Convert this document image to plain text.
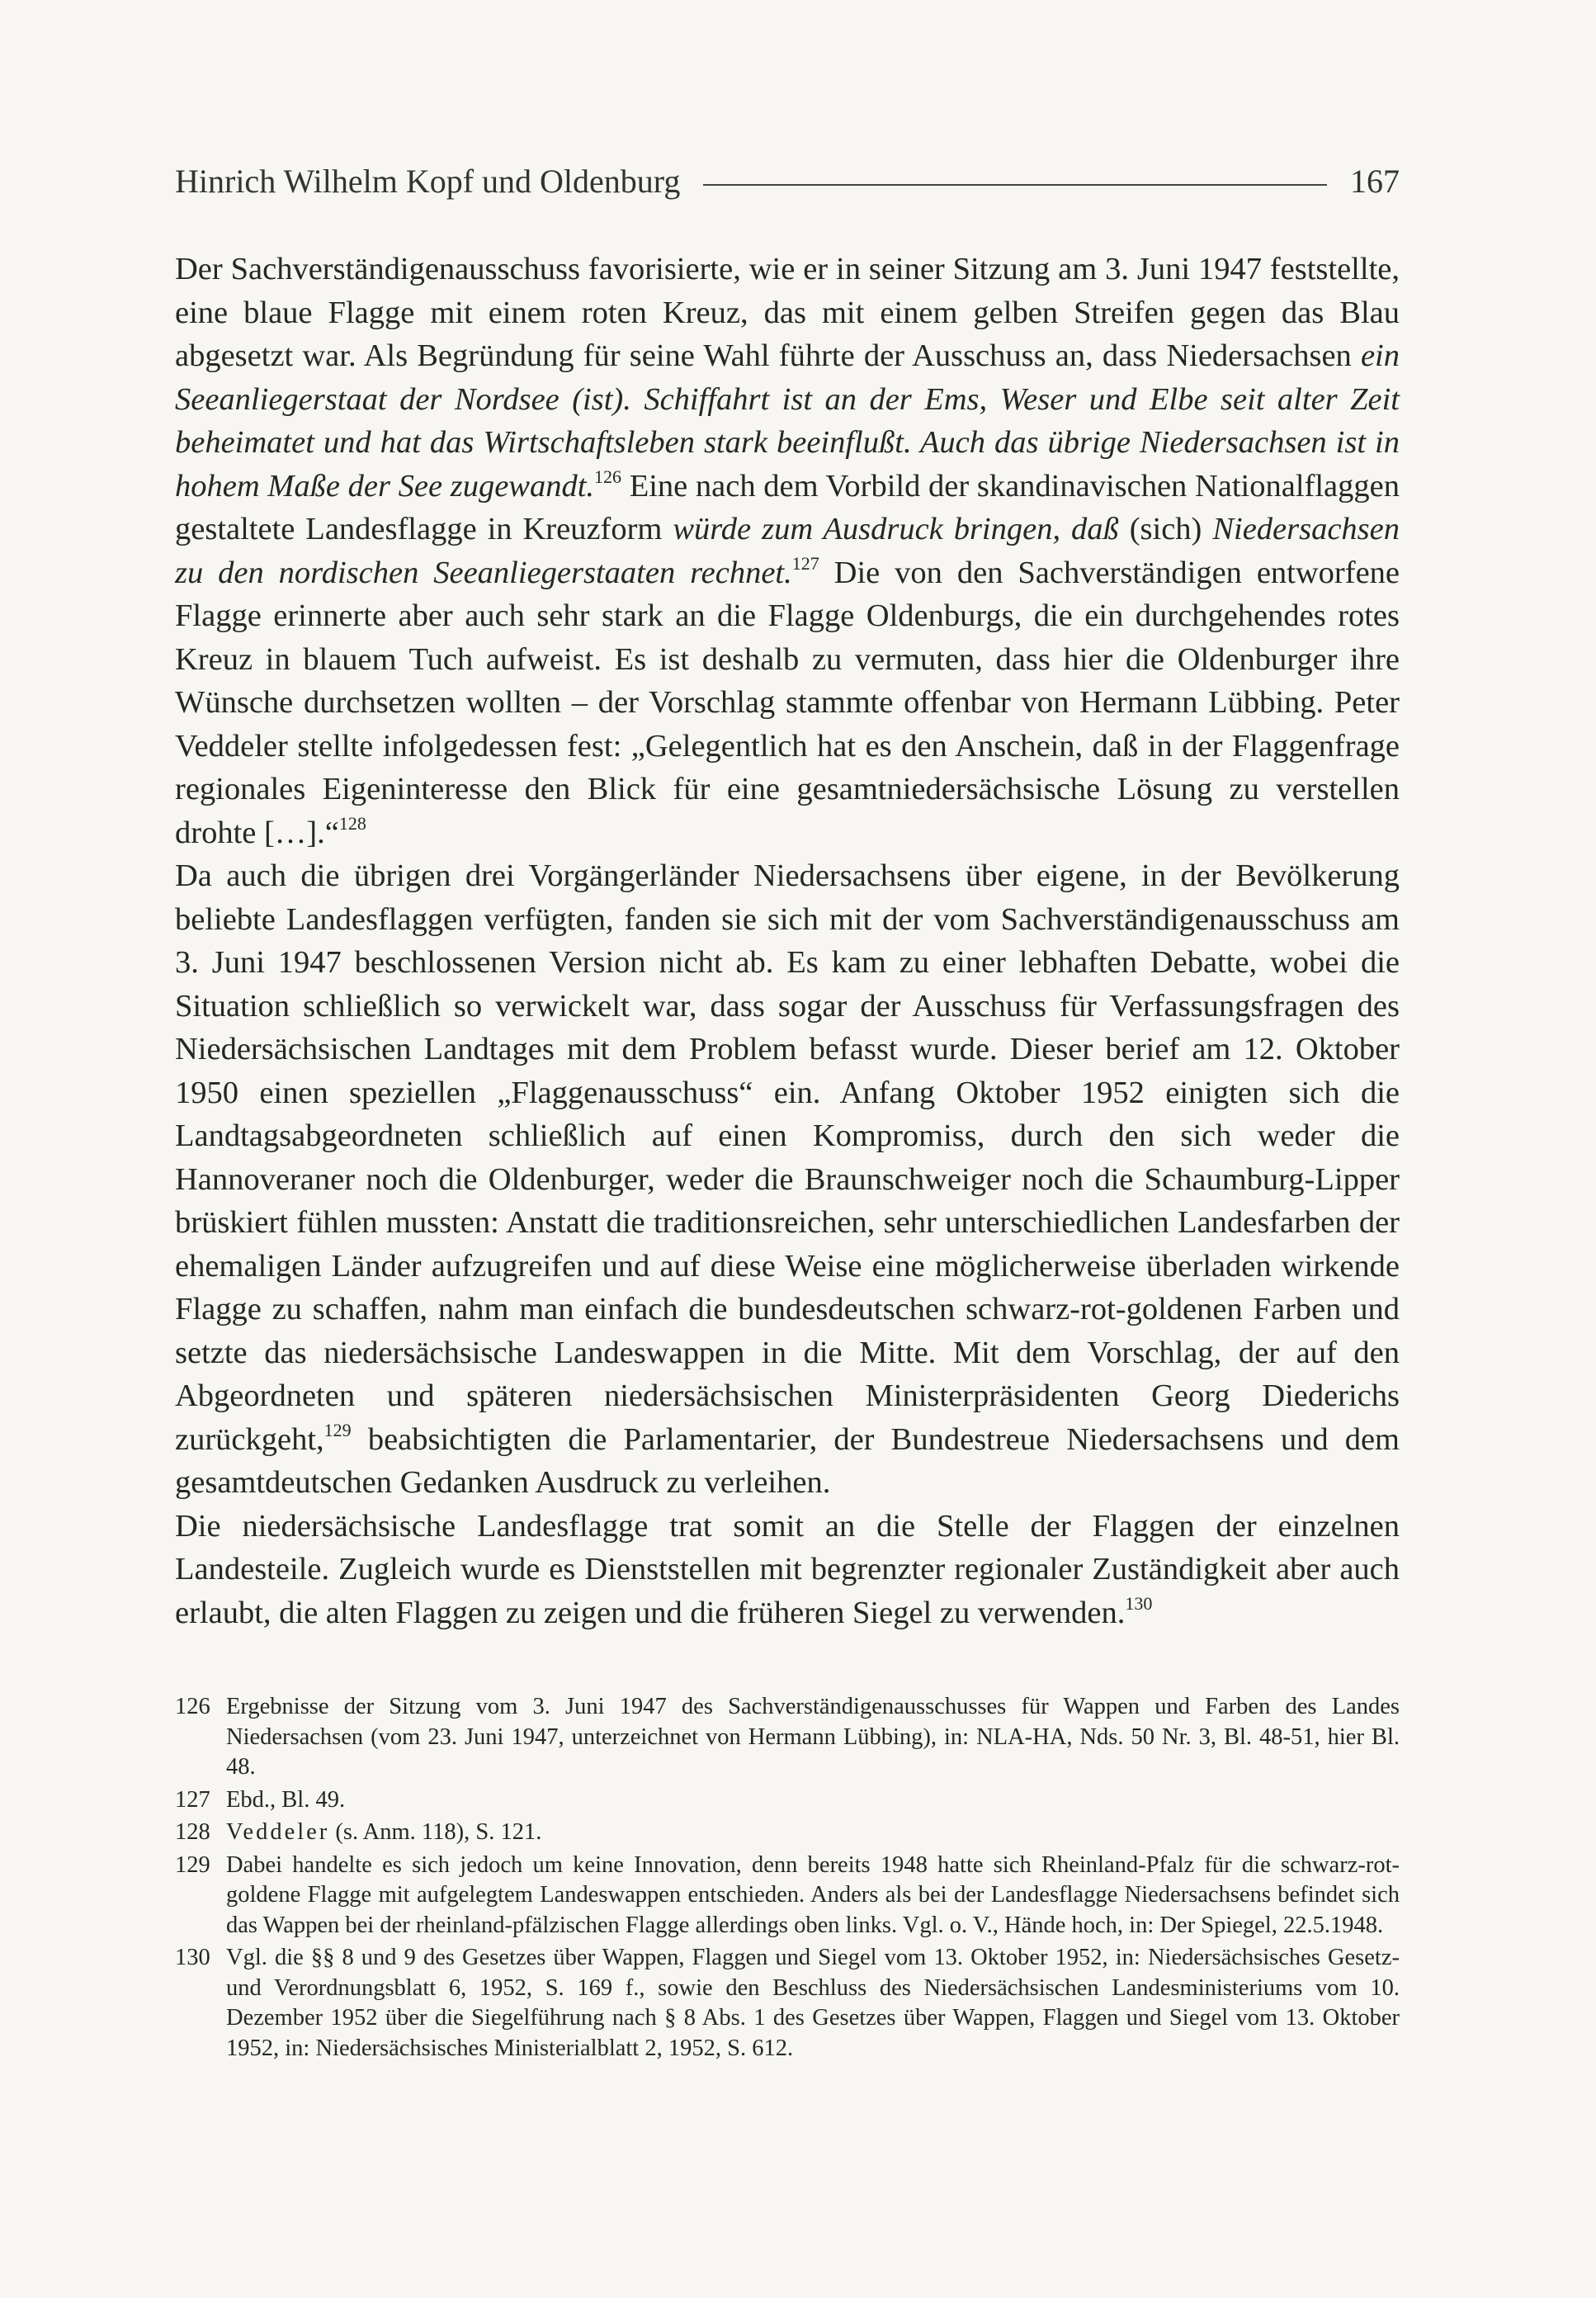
Hinrich Wilhelm Kopf und Oldenburg	167

Der Sachverständigenausschuss favorisierte, wie er in seiner Sitzung am 3. Juni 1947 feststellte, eine blaue Flagge mit einem roten Kreuz, das mit einem gelben Streifen gegen das Blau abgesetzt war. Als Begründung für seine Wahl führte der Ausschuss an, dass Niedersachsen ein Seeanliegerstaat der Nordsee (ist). Schiffahrt ist an der Ems, Weser und Elbe seit alter Zeit beheimatet und hat das Wirtschaftsleben stark beeinflußt. Auch das übrige Niedersachsen ist in hohem Maße der See zugewandt.$^{126}$ Eine nach dem Vorbild der skandinavischen Nationalflaggen gestaltete Landesflagge in Kreuzform würde zum Ausdruck bringen, daß (sich) Niedersachsen zu den nordischen Seeanliegerstaaten rechnet.$^{127}$ Die von den Sachverständigen entworfene Flagge erinnerte aber auch sehr stark an die Flagge Oldenburgs, die ein durchgehendes rotes Kreuz in blauem Tuch aufweist. Es ist deshalb zu vermuten, dass hier die Oldenburger ihre Wünsche durchsetzen wollten – der Vorschlag stammte offenbar von Hermann Lübbing. Peter Veddeler stellte infolgedessen fest: „Gelegentlich hat es den Anschein, daß in der Flaggenfrage regionales Eigeninteresse den Blick für eine gesamtniedersächsische Lösung zu verstellen drohte […].“$^{128}$

Da auch die übrigen drei Vorgängerländer Niedersachsens über eigene, in der Bevölkerung beliebte Landesflaggen verfügten, fanden sie sich mit der vom Sachverständigenausschuss am 3. Juni 1947 beschlossenen Version nicht ab. Es kam zu einer lebhaften Debatte, wobei die Situation schließlich so verwickelt war, dass sogar der Ausschuss für Verfassungsfragen des Niedersächsischen Landtages mit dem Problem befasst wurde. Dieser berief am 12. Oktober 1950 einen speziellen „Flaggenausschuss“ ein. Anfang Oktober 1952 einigten sich die Landtagsabgeordneten schließlich auf einen Kompromiss, durch den sich weder die Hannoveraner noch die Oldenburger, weder die Braunschweiger noch die Schaumburg-Lipper brüskiert fühlen mussten: Anstatt die traditionsreichen, sehr unterschiedlichen Landesfarben der ehemaligen Länder aufzugreifen und auf diese Weise eine möglicherweise überladen wirkende Flagge zu schaffen, nahm man einfach die bundesdeutschen schwarz-rot-goldenen Farben und setzte das niedersächsische Landeswappen in die Mitte. Mit dem Vorschlag, der auf den Abgeordneten und späteren niedersächsischen Ministerpräsidenten Georg Diederichs zurückgeht,$^{129}$ beabsichtigten die Parlamentarier, der Bundestreue Niedersachsens und dem gesamtdeutschen Gedanken Ausdruck zu verleihen.

Die niedersächsische Landesflagge trat somit an die Stelle der Flaggen der einzelnen Landesteile. Zugleich wurde es Dienststellen mit begrenzter regionaler Zuständigkeit aber auch erlaubt, die alten Flaggen zu zeigen und die früheren Siegel zu verwenden.$^{130}$

126 Ergebnisse der Sitzung vom 3. Juni 1947 des Sachverständigenausschusses für Wappen und Farben des Landes Niedersachsen (vom 23. Juni 1947, unterzeichnet von Hermann Lübbing), in: NLA-HA, Nds. 50 Nr. 3, Bl. 48-51, hier Bl. 48.
127 Ebd., Bl. 49.
128 Veddeler (s. Anm. 118), S. 121.
129 Dabei handelte es sich jedoch um keine Innovation, denn bereits 1948 hatte sich Rheinland-Pfalz für die schwarz-rot-goldene Flagge mit aufgelegtem Landeswappen entschieden. Anders als bei der Landesflagge Niedersachsens befindet sich das Wappen bei der rheinland-pfälzischen Flagge allerdings oben links. Vgl. o. V., Hände hoch, in: Der Spiegel, 22.5.1948.
130 Vgl. die §§ 8 und 9 des Gesetzes über Wappen, Flaggen und Siegel vom 13. Oktober 1952, in: Niedersächsisches Gesetz- und Verordnungsblatt 6, 1952, S. 169 f., sowie den Beschluss des Niedersächsischen Landesministeriums vom 10. Dezember 1952 über die Siegelführung nach § 8 Abs. 1 des Gesetzes über Wappen, Flaggen und Siegel vom 13. Oktober 1952, in: Niedersächsisches Ministerialblatt 2, 1952, S. 612.
